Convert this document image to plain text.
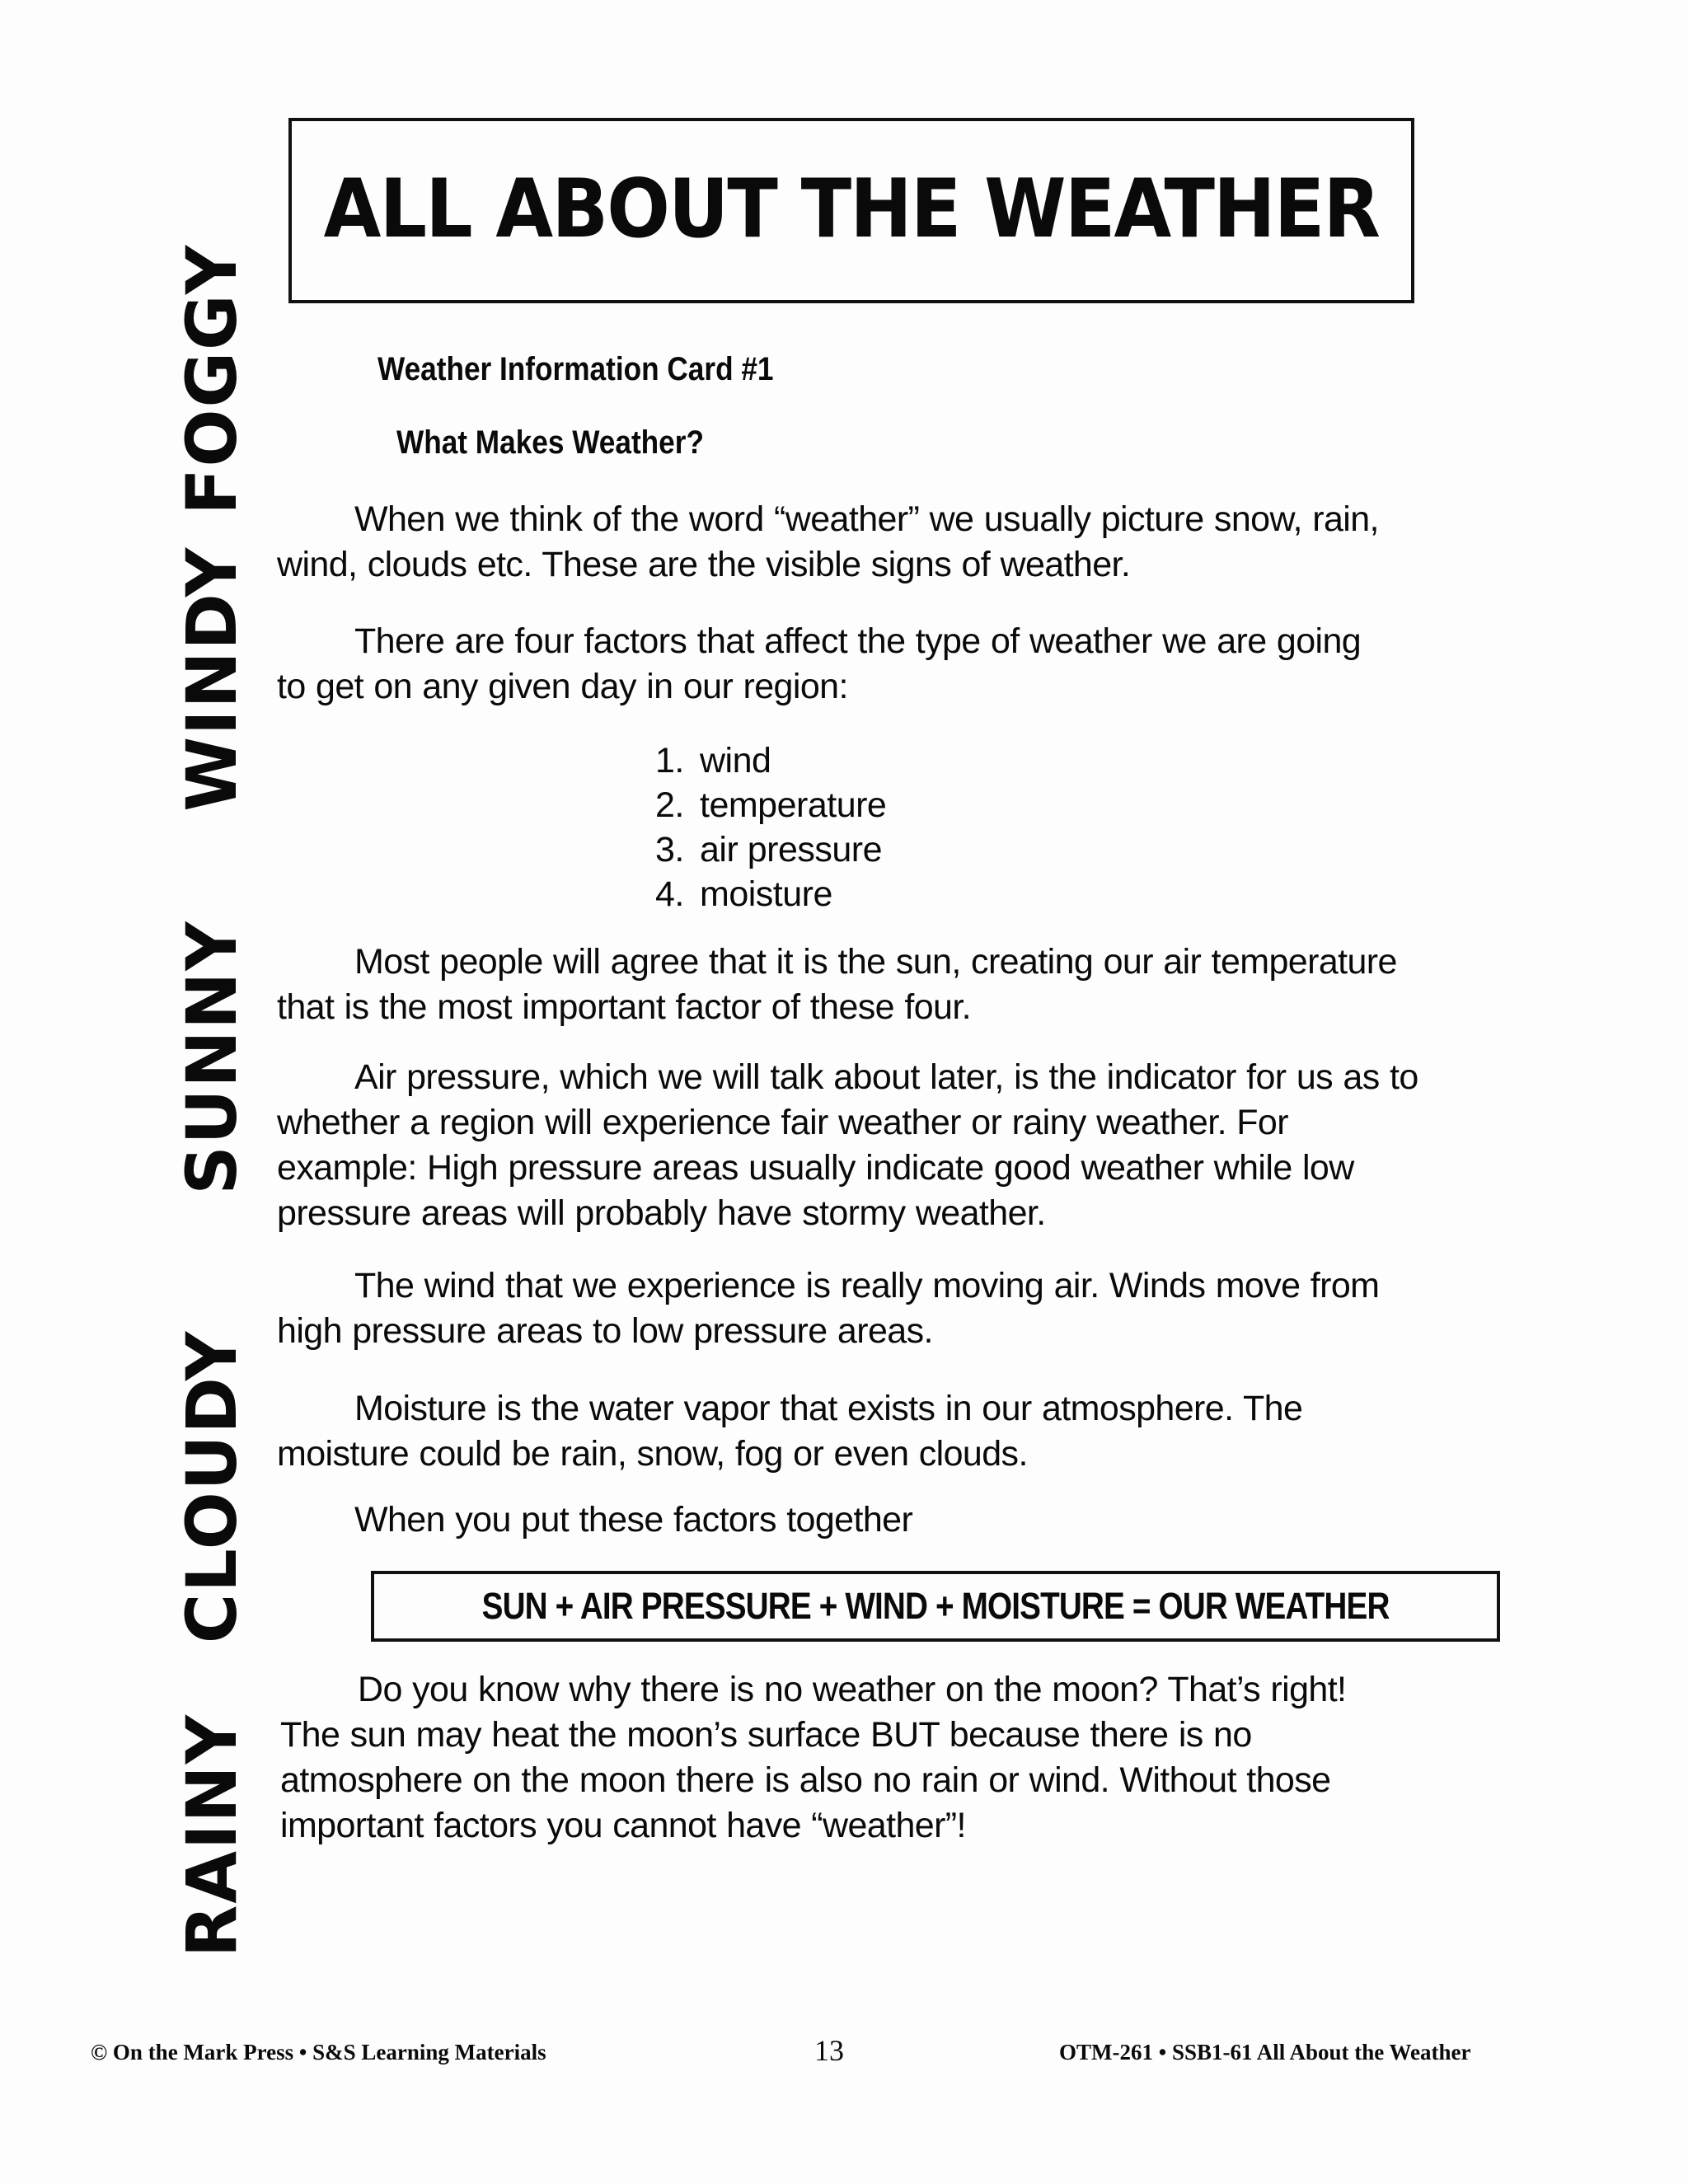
ALL ABOUT THE WEATHER
RAINY
CLOUDY
SUNNY
WINDY
FOGGY	Weather Information Card #1
What Makes Weather?
When we think of the word “weather” we usually picture snow, rain,
wind, clouds etc. These are the visible signs of weather.
There are four factors that affect the type of weather we are going
to get on any given day in our region:
1. wind
2. temperature
3. air pressure
4. moisture
Most people will agree that it is the sun, creating our air temperature
that is the most important factor of these four.
Air pressure, which we will talk about later, is the indicator for us as to
whether a region will experience fair weather or rainy weather. For
example: High pressure areas usually indicate good weather while low
pressure areas will probably have stormy weather.
The wind that we experience is really moving air. Winds move from
high pressure areas to low pressure areas.
Moisture is the water vapor that exists in our atmosphere. The
moisture could be rain, snow, fog or even clouds.
When you put these factors together
SUN + AIR PRESSURE + WIND + MOISTURE = OUR WEATHER
Do you know why there is no weather on the moon? That’s right!
The sun may heat the moon’s surface BUT because there is no
atmosphere on the moon there is also no rain or wind. Without those
important factors you cannot have “weather”!
© On the Mark Press • S&S Learning Materials	13	OTM-261 • SSB1-61 All About the Weather
